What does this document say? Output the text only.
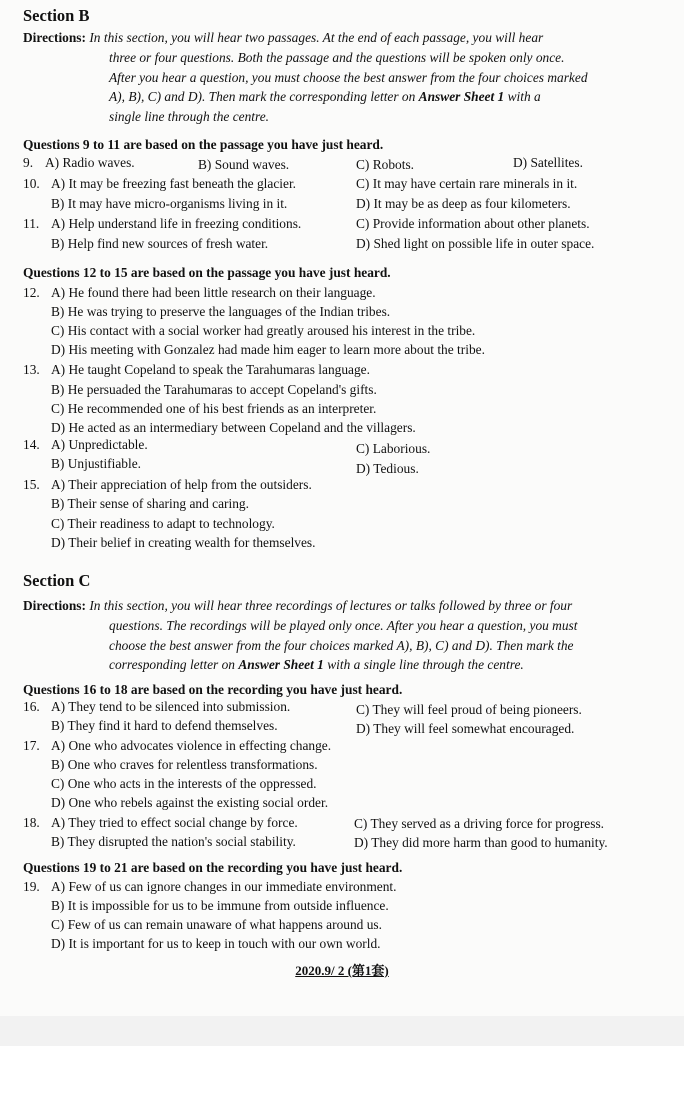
Section B
Directions: In this section, you will hear two passages. At the end of each passage, you will hear
three or four questions. Both the passage and the questions will be spoken only once.
After you hear a question, you must choose the best answer from the four choices marked
A), B), C) and D). Then mark the corresponding letter on Answer Sheet 1 with a
single line through the centre.
Questions 9 to 11 are based on the passage you have just heard.
9. A) Radio waves.	B) Sound waves.	C) Robots.	D) Satellites.
10. A) It may be freezing fast beneath the glacier.	C) It may have certain rare minerals in it.
B) It may have micro-organisms living in it.	D) It may be as deep as four kilometers.
11. A) Help understand life in freezing conditions.	C) Provide information about other planets.
B) Help find new sources of fresh water.	D) Shed light on possible life in outer space.
Questions 12 to 15 are based on the passage you have just heard.
12. A) He found there had been little research on their language.
B) He was trying to preserve the languages of the Indian tribes.
C) His contact with a social worker had greatly aroused his interest in the tribe.
D) His meeting with Gonzalez had made him eager to learn more about the tribe.
13. A) He taught Copeland to speak the Tarahumaras language.
B) He persuaded the Tarahumaras to accept Copeland's gifts.
C) He recommended one of his best friends as an interpreter.
D) He acted as an intermediary between Copeland and the villagers.
14. A) Unpredictable.	C) Laborious.
B) Unjustifiable.	D) Tedious.
15. A) Their appreciation of help from the outsiders.
B) Their sense of sharing and caring.
C) Their readiness to adapt to technology.
D) Their belief in creating wealth for themselves.
Section C
Directions: In this section, you will hear three recordings of lectures or talks followed by three or four
questions. The recordings will be played only once. After you hear a question, you must
choose the best answer from the four choices marked A), B), C) and D). Then mark the
corresponding letter on Answer Sheet 1 with a single line through the centre.
Questions 16 to 18 are based on the recording you have just heard.
16. A) They tend to be silenced into submission.	C) They will feel proud of being pioneers.
B) They find it hard to defend themselves.	D) They will feel somewhat encouraged.
17. A) One who advocates violence in effecting change.
B) One who craves for relentless transformations.
C) One who acts in the interests of the oppressed.
D) One who rebels against the existing social order.
18. A) They tried to effect social change by force.	C) They served as a driving force for progress.
B) They disrupted the nation's social stability.	D) They did more harm than good to humanity.
Questions 19 to 21 are based on the recording you have just heard.
19. A) Few of us can ignore changes in our immediate environment.
B) It is impossible for us to be immune from outside influence.
C) Few of us can remain unaware of what happens around us.
D) It is important for us to keep in touch with our own world.
2020.9/ 2 (第1套)
